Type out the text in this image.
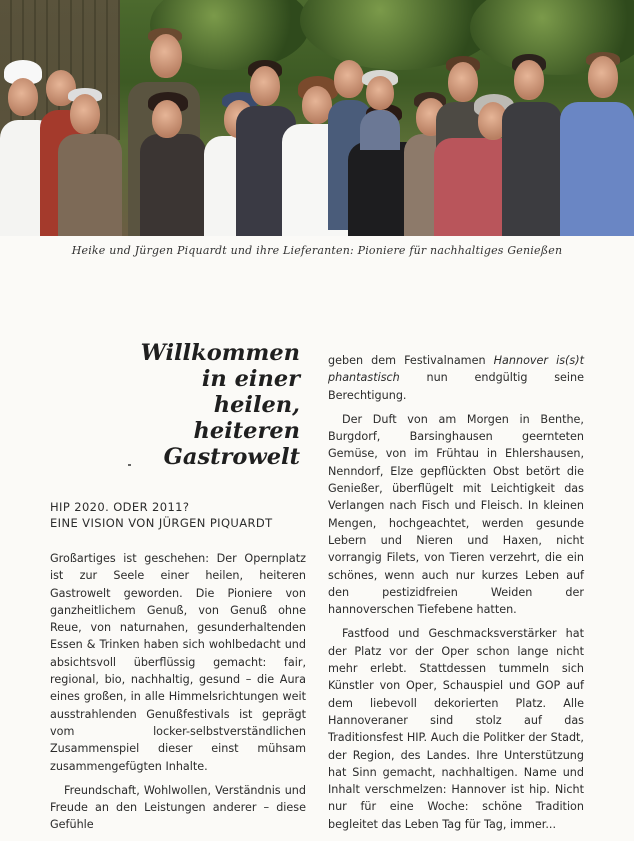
Heike und Jürgen Piquardt und ihre Lieferanten: Pioniere für nachhaltiges Genießen
Willkommen
in einer heilen,
heiteren
Gastrowelt
HIP 2020. ODER 2011?
EINE VISION VON JÜRGEN PIQUARDT

Großartiges ist geschehen: Der Opernplatz ist zur Seele einer heilen, heiteren Gastrowelt geworden. Die Pioniere von ganzheitlichem Genuß, von Genuß ohne Reue, von naturnahen, gesunderhaltenden Essen & Trinken haben sich wohlbedacht und absichtsvoll überflüssig gemacht: fair, regional, bio, nachhaltig, gesund – die Aura eines großen, in alle Himmelsrichtungen weit ausstrahlenden Genußfestivals ist geprägt vom locker-selbstverständlichen Zusammenspiel dieser einst mühsam zusammengefügten Inhalte.

Freundschaft, Wohlwollen, Verständnis und Freude an den Leistungen anderer – diese Gefühle

geben dem Festivalnamen Hannover is(s)t phantastisch nun endgültig seine Berechtigung.

Der Duft von am Morgen in Benthe, Burgdorf, Barsinghausen geernteten Gemüse, von im Frühtau in Ehlershausen, Nenndorf, Elze gepflückten Obst betört die Genießer, überflügelt mit Leichtigkeit das Verlangen nach Fisch und Fleisch. In kleinen Mengen, hochgeachtet, werden gesunde Lebern und Nieren und Haxen, nicht vorrangig Filets, von Tieren verzehrt, die ein schönes, wenn auch nur kurzes Leben auf den pestizidfreien Weiden der hannoverschen Tiefebene hatten.

Fastfood und Geschmacksverstärker hat der Platz vor der Oper schon lange nicht mehr erlebt. Stattdessen tummeln sich Künstler von Oper, Schauspiel und GOP auf dem liebevoll dekorierten Platz. Alle Hannoveraner sind stolz auf das Traditionsfest HIP. Auch die Politker der Stadt, der Region, des Landes. Ihre Unterstützung hat Sinn gemacht, nachhaltigen. Name und Inhalt verschmelzen: Hannover ist hip. Nicht nur für eine Woche: schöne Tradition begleitet das Leben Tag für Tag, immer...
